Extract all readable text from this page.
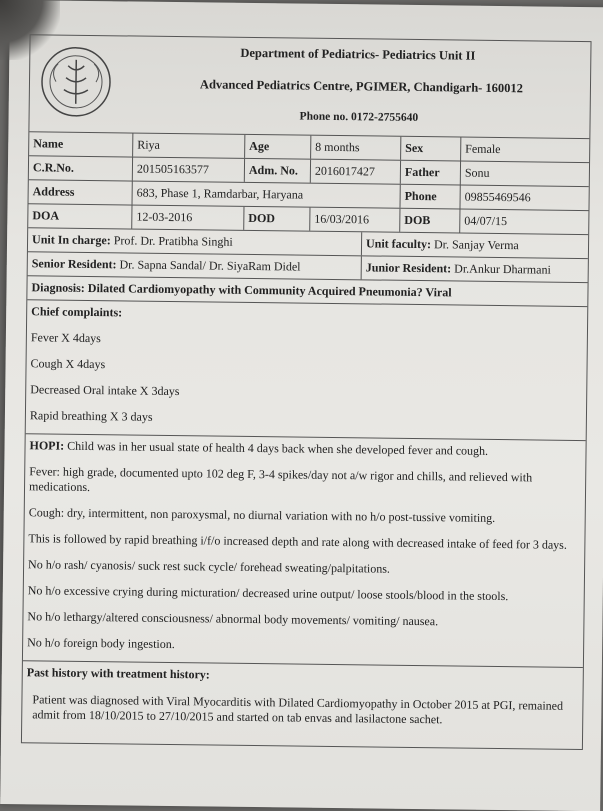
Department of Pediatrics- Pediatrics Unit II
Advanced Pediatrics Centre, PGIMER, Chandigarh- 160012
Phone no. 0172-2755640
Name	Riya	Age	8 months	Sex	Female
C.R.No.	201505163577	Adm. No.	2016017427	Father	Sonu
Address	683, Phase 1, Ramdarbar, Haryana	Phone	09855469546
DOA	12-03-2016	DOD	16/03/2016	DOB	04/07/15
Unit In charge: Prof. Dr. Pratibha Singhi	Unit faculty: Dr. Sanjay Verma
Senior Resident: Dr. Sapna Sandal/ Dr. SiyaRam Didel	Junior Resident: Dr.Ankur Dharmani
Diagnosis: Dilated Cardiomyopathy with Community Acquired Pneumonia? Viral

Chief complaints:

Fever X 4days

Cough X 4days

Decreased Oral intake X 3days

Rapid breathing X 3 days

HOPI: Child was in her usual state of health 4 days back when she developed fever and cough.

Fever: high grade, documented upto 102 deg F, 3-4 spikes/day not a/w rigor and chills, and relieved with medications.

Cough: dry, intermittent, non paroxysmal, no diurnal variation with no h/o post-tussive vomiting.

This is followed by rapid breathing i/f/o increased depth and rate along with decreased intake of feed for 3 days.

No h/o rash/ cyanosis/ suck rest suck cycle/ forehead sweating/palpitations.

No h/o excessive crying during micturation/ decreased urine output/ loose stools/blood in the stools.

No h/o lethargy/altered consciousness/ abnormal body movements/ vomiting/ nausea.

No h/o foreign body ingestion.

Past history with treatment history:

Patient was diagnosed with Viral Myocarditis with Dilated Cardiomyopathy in October 2015 at PGI, remained admit from 18/10/2015 to 27/10/2015 and started on tab envas and lasilactone sachet.
